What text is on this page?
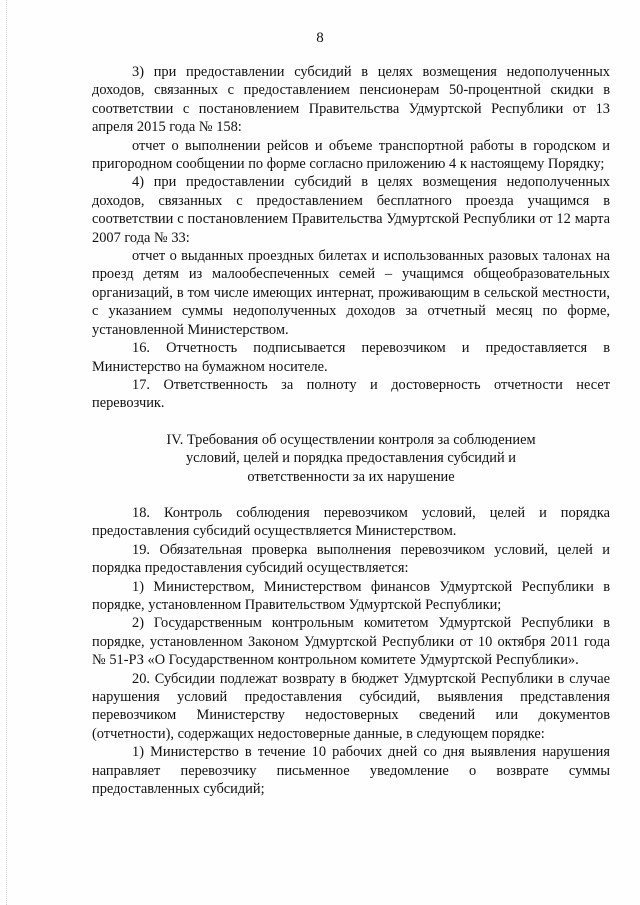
8

3) при предоставлении субсидий в целях возмещения недополученных доходов, связанных с предоставлением пенсионерам 50-процентной скидки в соответствии с постановлением Правительства Удмуртской Республики от 13 апреля 2015 года № 158:

отчет о выполнении рейсов и объеме транспортной работы в городском и пригородном сообщении по форме согласно приложению 4 к настоящему Порядку;

4) при предоставлении субсидий в целях возмещения недополученных доходов, связанных с предоставлением бесплатного проезда учащимся в соответствии с постановлением Правительства Удмуртской Республики от 12 марта 2007 года № 33:

отчет о выданных проездных билетах и использованных разовых талонах на проезд детям из малообеспеченных семей – учащимся общеобразовательных организаций, в том числе имеющих интернат, проживающим в сельской местности, с указанием суммы недополученных доходов за отчетный месяц по форме, установленной Министерством.

16. Отчетность подписывается перевозчиком и предоставляется в Министерство на бумажном носителе.

17. Ответственность за полноту и достоверность отчетности несет перевозчик.

IV. Требования об осуществлении контроля за соблюдением
условий, целей и порядка предоставления субсидий и
ответственности за их нарушение

18. Контроль соблюдения перевозчиком условий, целей и порядка предоставления субсидий осуществляется Министерством.

19. Обязательная проверка выполнения перевозчиком условий, целей и порядка предоставления субсидий осуществляется:

1) Министерством, Министерством финансов Удмуртской Республики в порядке, установленном Правительством Удмуртской Республики;

2) Государственным контрольным комитетом Удмуртской Республики в порядке, установленном Законом Удмуртской Республики от 10 октября 2011 года № 51-РЗ «О Государственном контрольном комитете Удмуртской Республики».

20. Субсидии подлежат возврату в бюджет Удмуртской Республики в случае нарушения условий предоставления субсидий, выявления представления перевозчиком Министерству недостоверных сведений или документов (отчетности), содержащих недостоверные данные, в следующем порядке:

1) Министерство в течение 10 рабочих дней со дня выявления нарушения направляет перевозчику письменное уведомление о возврате суммы предоставленных субсидий;
